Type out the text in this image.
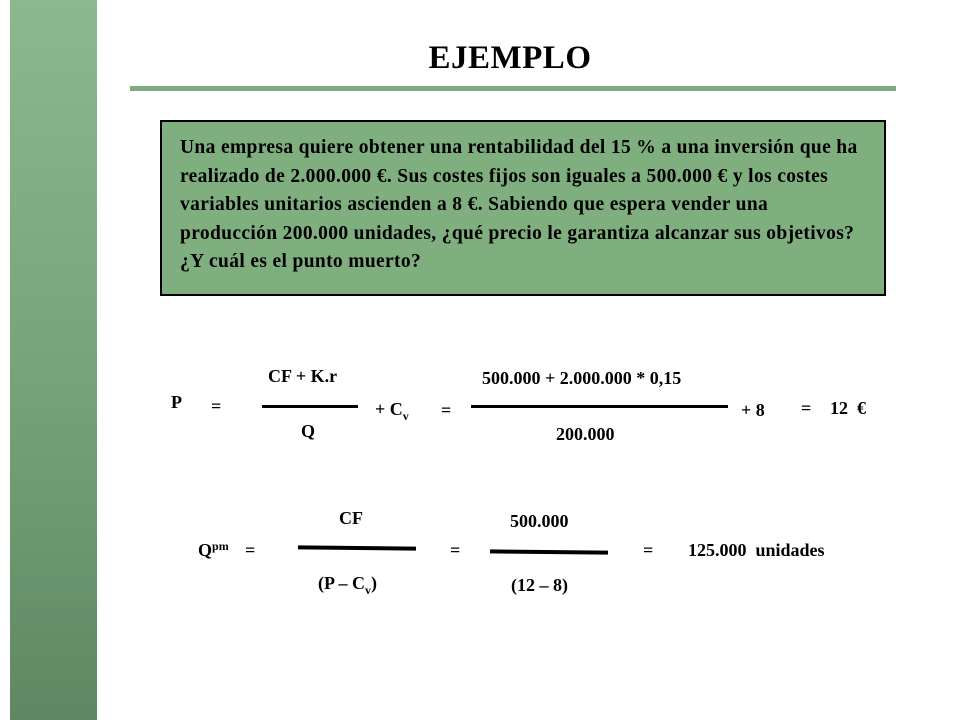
EJEMPLO
Una empresa quiere obtener una rentabilidad del 15 % a una inversión que ha realizado de 2.000.000 €. Sus costes fijos son iguales a 500.000 € y los costes variables unitarios ascienden a 8 €. Sabiendo que espera vender una producción 200.000 unidades, ¿qué precio le garantiza alcanzar sus objetivos?¿Y cuál es el punto muerto?
P =
CF + K.r
Q
+ $C_v$ =
500.000 + 2.000.000 * 0,15
200.000
+ 8 = 12  €
$Q^{pm}$ =
CF
$(P - C_v)$
=
500.000
(12 – 8)
= 125.000  unidades
